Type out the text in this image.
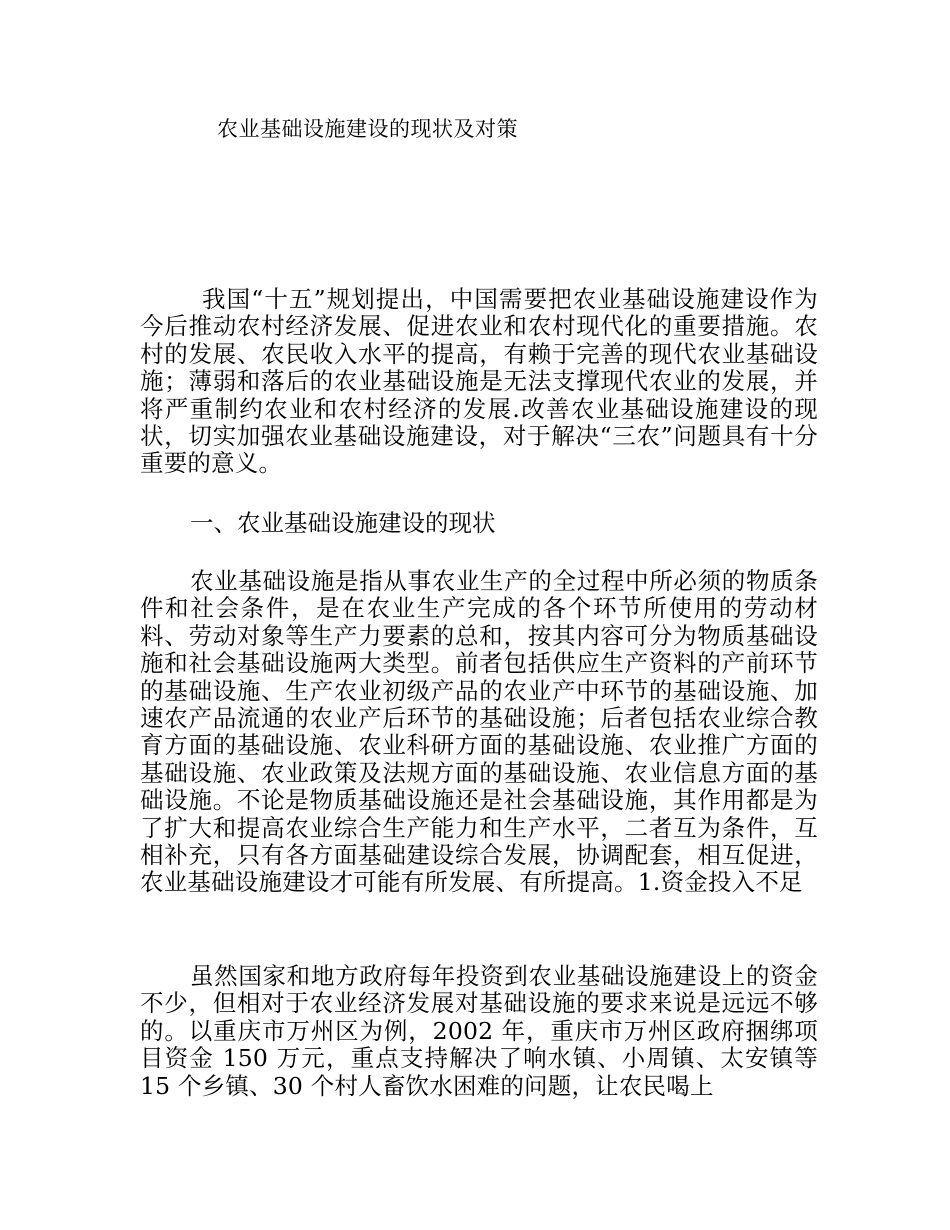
农业基础设施建设的现状及对策
我国“十五”规划提出，中国需要把农业基础设施建设作为今后推动农村经济发展、促进农业和农村现代化的重要措施。农村的发展、农民收入水平的提高，有赖于完善的现代农业基础设施；薄弱和落后的农业基础设施是无法支撑现代农业的发展，并将严重制约农业和农村经济的发展.改善农业基础设施建设的现状，切实加强农业基础设施建设，对于解决“三农”问题具有十分重要的意义。
一、农业基础设施建设的现状
农业基础设施是指从事农业生产的全过程中所必须的物质条件和社会条件，是在农业生产完成的各个环节所使用的劳动材料、劳动对象等生产力要素的总和，按其内容可分为物质基础设施和社会基础设施两大类型。前者包括供应生产资料的产前环节的基础设施、生产农业初级产品的农业产中环节的基础设施、加速农产品流通的农业产后环节的基础设施；后者包括农业综合教育方面的基础设施、农业科研方面的基础设施、农业推广方面的基础设施、农业政策及法规方面的基础设施、农业信息方面的基础设施。不论是物质基础设施还是社会基础设施，其作用都是为了扩大和提高农业综合生产能力和生产水平，二者互为条件，互相补充，只有各方面基础建设综合发展，协调配套，相互促进，农业基础设施建设才可能有所发展、有所提高。1.资金投入不足
虽然国家和地方政府每年投资到农业基础设施建设上的资金不少，但相对于农业经济发展对基础设施的要求来说是远远不够的。以重庆市万州区为例，2002 年，重庆市万州区政府捆绑项目资金 150 万元，重点支持解决了响水镇、小周镇、太安镇等 15 个乡镇、30 个村人畜饮水困难的问题，让农民喝上
